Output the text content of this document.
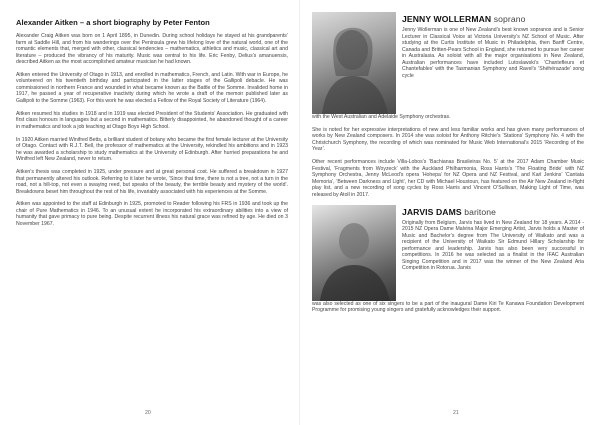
Alexander Aitken – a short biography by Peter Fenton

Alexander Craig Aitken was born on 1 April 1895, in Dunedin. During school holidays he stayed at his grandparents’ farm at Saddle Hill, and from his wanderings over the Peninsula grew his lifelong love of the natural world, one of the romantic elements that, merged with other, classical tendencies – mathematics, athletics and music, classical art and literature – produced the vibrancy of his maturity. Music was central to his life. Eric Fenby, Delius’s amanuensis, described Aitken as the most accomplished amateur musician he had known.

Aitken entered the University of Otago in 1913, and enrolled in mathematics, French, and Latin. With war in Europe, he volunteered on his twentieth birthday and participated in the latter stages of the Gallipoli debacle. He was commissioned in northern France and wounded in what became known as the Battle of the Somme. Invalided home in 1917, he passed a year of recuperative inactivity during which he wrote a draft of the memoir published later as Gallipoli to the Somme (1963). For this work he was elected a Fellow of the Royal Society of Literature (1964).

Aitken resumed his studies in 1918 and in 1919 was elected President of the Students’ Association. He graduated with first class honours in languages but a second in mathematics. Bitterly disappointed, he abandoned thought of a career in mathematics and took a job teaching at Otago Boys High School.

In 1920 Aitken married Winifred Betts, a brilliant student of botany who became the first female lecturer at the University of Otago. Contact with R.J.T. Bell, the professor of mathematics at the University, rekindled his ambitions and in 1923 he was awarded a scholarship to study mathematics at the University of Edinburgh. After hurried preparations he and Winifred left New Zealand, never to return.

Aitken’s thesis was completed in 1925, under pressure and at great personal cost. He suffered a breakdown in 1927 that permanently altered his outlook. Referring to it later he wrote, ‘Since that time, there is not a tree, not a turn in the road, not a hill-top, not even a swaying reed, but speaks of the beauty, the terrible beauty and mystery of the world’. Breakdowns beset him throughout the rest of his life, invariably associated with his experiences at the Somme.

Aitken was appointed to the staff at Edinburgh in 1925, promoted to Reader following his FRS in 1936 and took up the chair of Pure Mathematics in 1946. To an unusual extent he incorporated his extraordinary abilities into a view of humanity that gave primacy to pure being. Despite recurrent illness his natural grace was refined by age. He died on 3 November 1967.

20
JENNY WOLLERMAN soprano

Jenny Wollerman is one of New Zealand’s best known sopranos and is Senior Lecturer in Classical Voice at Victoria University’s NZ School of Music. After studying at the Curtis Institute of Music in Philadelphia, then Banff Centre, Canada and Britten-Pears School in England, she returned to pursue her career in Australasia. As soloist with all the major organisations in New Zealand, Australian performances have included Lutoslawski’s ‘Chantefleurs et Chantefables’ with the Tasmanian Symphony and Ravel’s ‘Shéhérazade’ song cycle

with the West Australian and Adelaide Symphony orchestras.

She is noted for her expressive interpretations of new and less familiar works and has given many performances of works by New Zealand composers. In 2014 she was soloist for Anthony Ritchie’s ‘Stations’ Symphony No. 4 with the Christchurch Symphony, the recording of which was nominated for Music Web International’s 2015 ‘Recording of the Year’.

Other recent performances include Villa-Lobos’s ‘Bachianas Brasileiras No. 5’ at the 2017 Adam Chamber Music Festival, ‘Fragments from Woyzeck’ with the Auckland Philharmonia, Ross Harris’s ‘The Floating Bride’ with NZ Symphony Orchestra, Jenny McLeod’s opera ‘Hohepa’ for NZ Opera and NZ Festival, and Karl Jenkins’ ‘Cantata Memoria’, ‘Between Darkness and Light’, her CD with Michael Houstoun, has featured on the Air New Zealand in-flight play list, and a new recording of song cycles by Ross Harris and Vincent O’Sullivan, Making Light of Time, was released by Atoll in 2017.

JARVIS DAMS baritone

Originally from Belgium, Jarvis has lived in New Zealand for 18 years. A 2014 - 2015 NZ Opera Dame Malvina Major Emerging Artist, Jarvis holds a Master of Music and Bachelor’s degree from The University of Waikato and was a recipient of the University of Waikato Sir Edmund Hillary Scholarship for performance and leadership. Jarvis has also been very successful in competitions. In 2016 he was selected as a finalist in the IFAC Australian Singing Competition and in 2017 was the winner of the New Zealand Aria Competition in Rotorua. Jarvis

was also selected as one of six singers to be a part of the inaugural Dame Kiri Te Kanawa Foundation Development Programme for promising young singers and gratefully acknowledges their support.

21
